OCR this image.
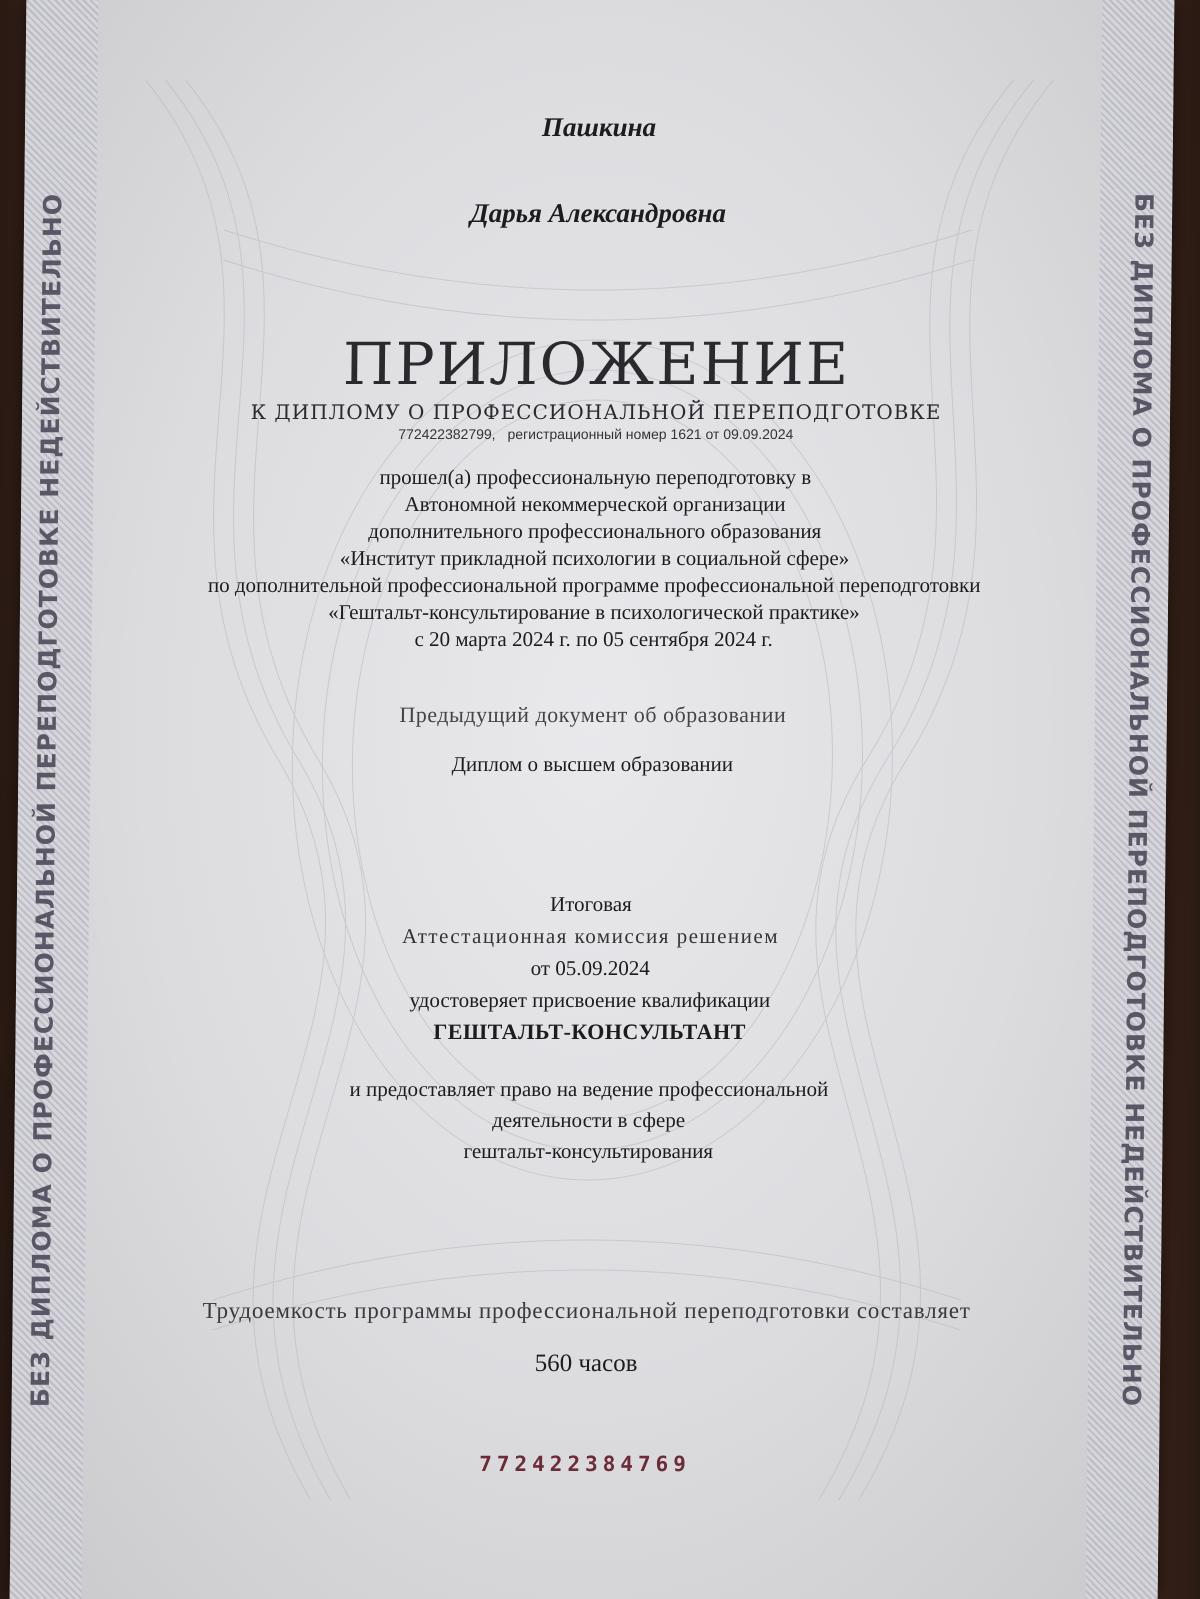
БЕЗ ДИПЛОМА О ПРОФЕССИОНАЛЬНОЙ ПЕРЕПОДГОТОВКЕ НЕДЕЙСТВИТЕЛЬНО	БЕЗ ДИПЛОМА О ПРОФЕССИОНАЛЬНОЙ ПЕРЕПОДГОТОВКЕ НЕДЕЙСТВИТЕЛЬНО
Пашкина
Дарья Александровна
ПРИЛОЖЕНИЕ
К ДИПЛОМУ О ПРОФЕССИОНАЛЬНОЙ ПЕРЕПОДГОТОВКЕ
772422382799, регистрационный номер 1621 от 09.09.2024
прошел(а) профессиональную переподготовку в
Автономной некоммерческой организации
дополнительного профессионального образования
«Институт прикладной психологии в социальной сфере»
по дополнительной профессиональной программе профессиональной переподготовки
«Гештальт-консультирование в психологической практике»
с 20 марта 2024 г. по 05 сентября 2024 г.
Предыдущий документ об образовании
Диплом о высшем образовании
Итоговая
Аттестационная комиссия решением
от 05.09.2024
удостоверяет присвоение квалификации
ГЕШТАЛЬТ-КОНСУЛЬТАНТ
и предоставляет право на ведение профессиональной
деятельности в сфере
гештальт-консультирования
Трудоемкость программы профессиональной переподготовки составляет
560 часов
772422384769
